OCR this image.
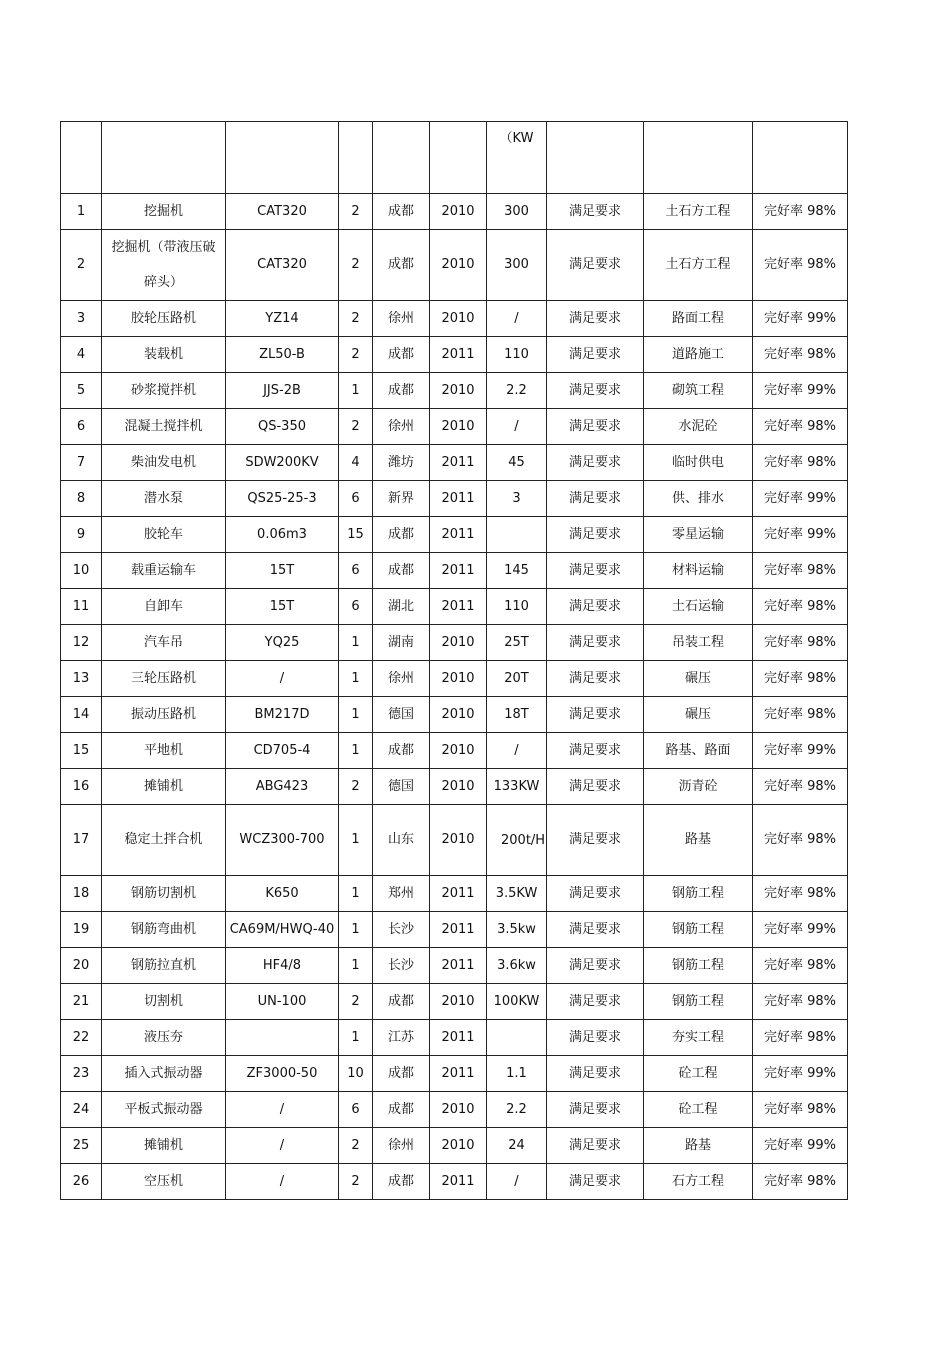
						（KW			
1	挖掘机	CAT320	2	成都	2010	300	满足要求	土石方工程	完好率 98%
2	挖掘机（带液压破碎头）	CAT320	2	成都	2010	300	满足要求	土石方工程	完好率 98%
3	胶轮压路机	YZ14	2	徐州	2010	/	满足要求	路面工程	完好率 99%
4	装载机	ZL50-B	2	成都	2011	110	满足要求	道路施工	完好率 98%
5	砂浆搅拌机	JJS-2B	1	成都	2010	2.2	满足要求	砌筑工程	完好率 99%
6	混凝土搅拌机	QS-350	2	徐州	2010	/	满足要求	水泥砼	完好率 98%
7	柴油发电机	SDW200KV	4	潍坊	2011	45	满足要求	临时供电	完好率 98%
8	潜水泵	QS25-25-3	6	新界	2011	3	满足要求	供、排水	完好率 99%
9	胶轮车	0.06m3	15	成都	2011		满足要求	零星运输	完好率 99%
10	载重运输车	15T	6	成都	2011	145	满足要求	材料运输	完好率 98%
11	自卸车	15T	6	湖北	2011	110	满足要求	土石运输	完好率 98%
12	汽车吊	YQ25	1	湖南	2010	25T	满足要求	吊装工程	完好率 98%
13	三轮压路机	/	1	徐州	2010	20T	满足要求	碾压	完好率 98%
14	振动压路机	BM217D	1	德国	2010	18T	满足要求	碾压	完好率 98%
15	平地机	CD705-4	1	成都	2010	/	满足要求	路基、路面	完好率 99%
16	摊铺机	ABG423	2	德国	2010	133KW	满足要求	沥青砼	完好率 98%
17	稳定土拌合机	WCZ300-700	1	山东	2010	200t/H	满足要求	路基	完好率 98%
18	钢筋切割机	K650	1	郑州	2011	3.5KW	满足要求	钢筋工程	完好率 98%
19	钢筋弯曲机	CA69M/HWQ-40	1	长沙	2011	3.5kw	满足要求	钢筋工程	完好率 99%
20	钢筋拉直机	HF4/8	1	长沙	2011	3.6kw	满足要求	钢筋工程	完好率 98%
21	切割机	UN-100	2	成都	2010	100KW	满足要求	钢筋工程	完好率 98%
22	液压夯		1	江苏	2011		满足要求	夯实工程	完好率 98%
23	插入式振动器	ZF3000-50	10	成都	2011	1.1	满足要求	砼工程	完好率 99%
24	平板式振动器	/	6	成都	2010	2.2	满足要求	砼工程	完好率 98%
25	摊铺机	/	2	徐州	2010	24	满足要求	路基	完好率 99%
26	空压机	/	2	成都	2011	/	满足要求	石方工程	完好率 98%
